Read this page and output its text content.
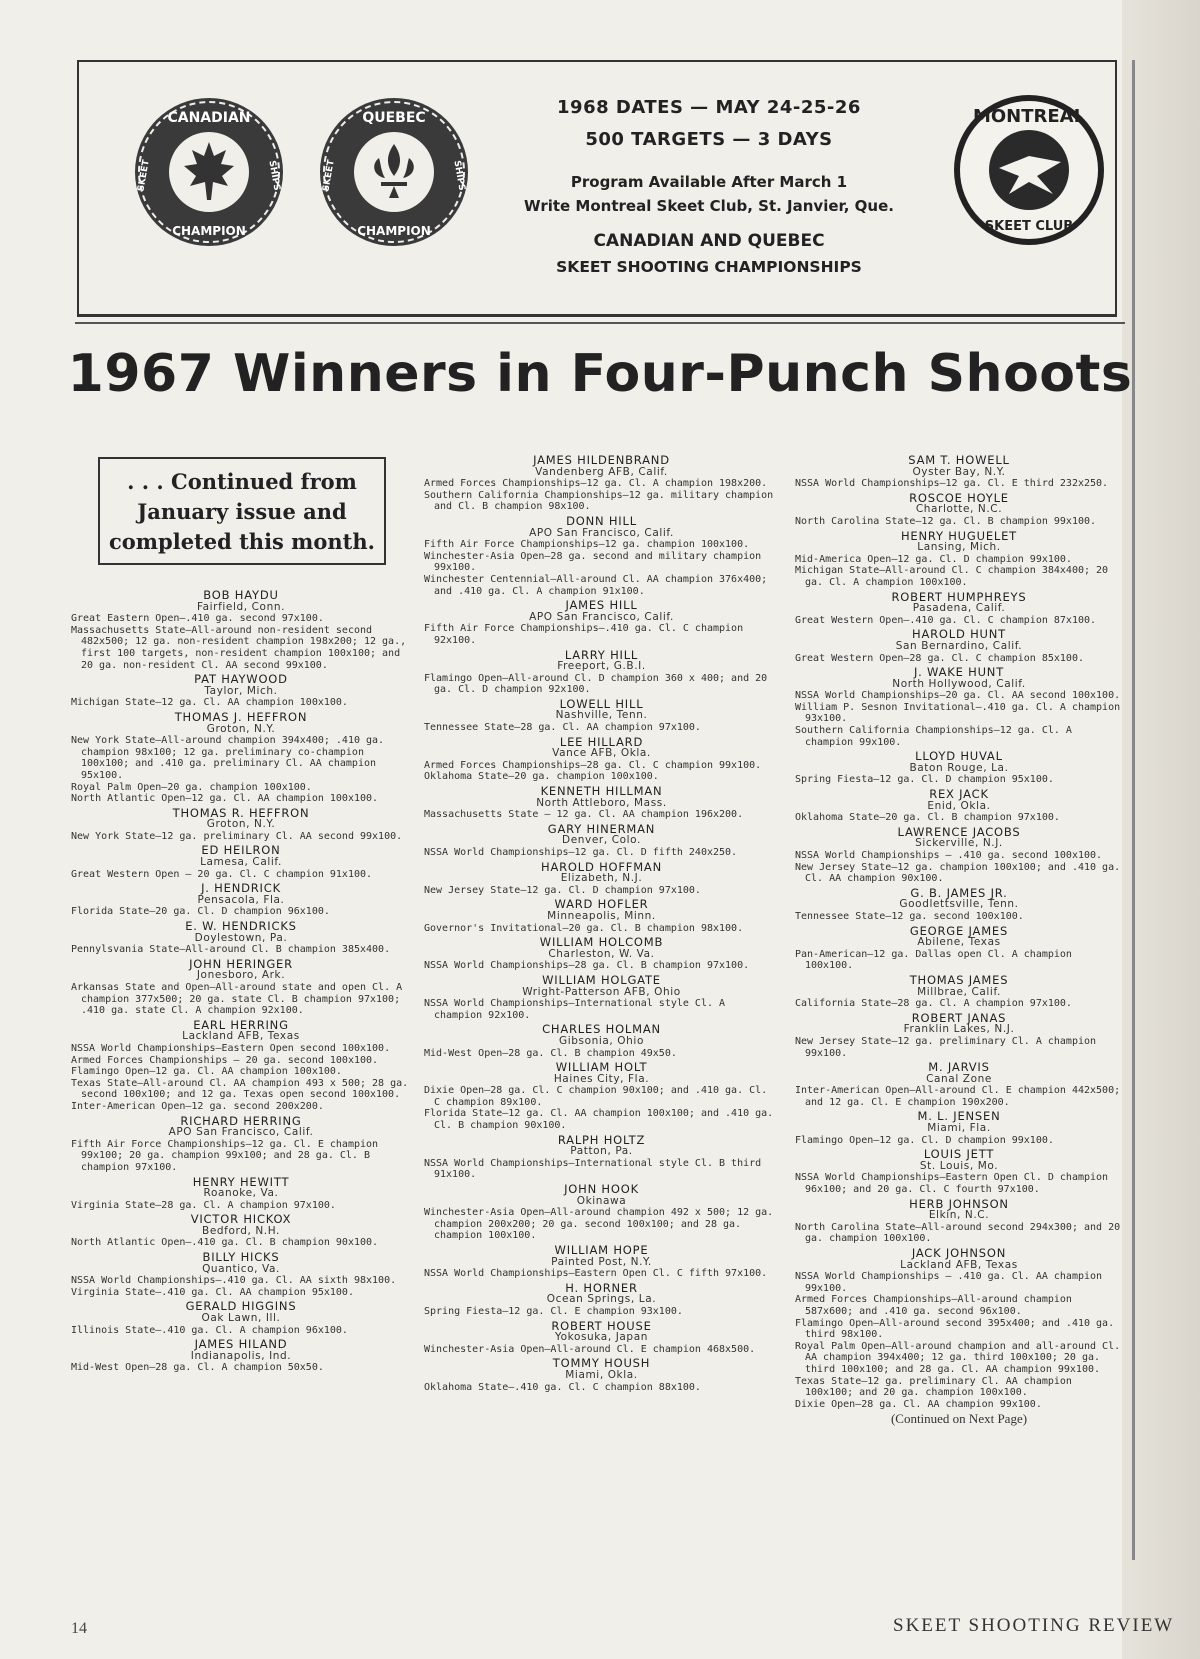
CANADIAN
CHAMPION
SKEET	SHIPS
QUEBEC
CHAMPION
SKEET	SHIPS
1968 DATES — MAY 24-25-26
500 TARGETS — 3 DAYS
Program Available After March 1
Write Montreal Skeet Club, St. Janvier, Que.
CANADIAN AND QUEBEC
SKEET SHOOTING CHAMPIONSHIPS
MONTREAL
SKEET CLUB
1967 Winners in Four-Punch Shoots
. . . Continued from January issue and completed this month.
BOB HAYDU
Fairfield, Conn.
Great Eastern Open—.410 ga. second 97x100.
Massachusetts State—All-around non-resident second 482x500; 12 ga. non-resident champion 198x200; 12 ga., first 100 targets, non-resident champion 100x100; and 20 ga. non-resident Cl. AA second 99x100.
PAT HAYWOOD
Taylor, Mich.
Michigan State—12 ga. Cl. AA champion 100x100.
THOMAS J. HEFFRON
Groton, N.Y.
New York State—All-around champion 394x400; .410 ga. champion 98x100; 12 ga. preliminary co-champion 100x100; and .410 ga. preliminary Cl. AA champion 95x100.
Royal Palm Open—20 ga. champion 100x100.
North Atlantic Open—12 ga. Cl. AA champion 100x100.
THOMAS R. HEFFRON
Groton, N.Y.
New York State—12 ga. preliminary Cl. AA second 99x100.
ED HEILRON
Lamesa, Calif.
Great Western Open — 20 ga. Cl. C champion 91x100.
J. HENDRICK
Pensacola, Fla.
Florida State—20 ga. Cl. D champion 96x100.
E. W. HENDRICKS
Doylestown, Pa.
Pennylsvania State—All-around Cl. B champion 385x400.
JOHN HERINGER
Jonesboro, Ark.
Arkansas State and Open—All-around state and open Cl. A champion 377x500; 20 ga. state Cl. B champion 97x100; .410 ga. state Cl. A champion 92x100.
EARL HERRING
Lackland AFB, Texas
NSSA World Championships—Eastern Open second 100x100.
Armed Forces Championships — 20 ga. second 100x100.
Flamingo Open—12 ga. Cl. AA champion 100x100.
Texas State—All-around Cl. AA champion 493 x 500; 28 ga. second 100x100; and 12 ga. Texas open second 100x100.
Inter-American Open—12 ga. second 200x200.
RICHARD HERRING
APO San Francisco, Calif.
Fifth Air Force Championships—12 ga. Cl. E champion 99x100; 20 ga. champion 99x100; and 28 ga. Cl. B champion 97x100.
HENRY HEWITT
Roanoke, Va.
Virginia State—28 ga. Cl. A champion 97x100.
VICTOR HICKOX
Bedford, N.H.
North Atlantic Open—.410 ga. Cl. B champion 90x100.
BILLY HICKS
Quantico, Va.
NSSA World Championships—.410 ga. Cl. AA sixth 98x100.
Virginia State—.410 ga. Cl. AA champion 95x100.
GERALD HIGGINS
Oak Lawn, Ill.
Illinois State—.410 ga. Cl. A champion 96x100.
JAMES HILAND
Indianapolis, Ind.
Mid-West Open—28 ga. Cl. A champion 50x50.
JAMES HILDENBRAND
Vandenberg AFB, Calif.
Armed Forces Championships—12 ga. Cl. A champion 198x200.
Southern California Championships—12 ga. military champion and Cl. B champion 98x100.
DONN HILL
APO San Francisco, Calif.
Fifth Air Force Championships—12 ga. champion 100x100.
Winchester-Asia Open—28 ga. second and military champion 99x100.
Winchester Centennial—All-around Cl. AA champion 376x400; and .410 ga. Cl. A champion 91x100.
JAMES HILL
APO San Francisco, Calif.
Fifth Air Force Championships—.410 ga. Cl. C champion 92x100.
LARRY HILL
Freeport, G.B.I.
Flamingo Open—All-around Cl. D champion 360 x 400; and 20 ga. Cl. D champion 92x100.
LOWELL HILL
Nashville, Tenn.
Tennessee State—28 ga. Cl. AA champion 97x100.
LEE HILLARD
Vance AFB, Okla.
Armed Forces Championships—28 ga. Cl. C champion 99x100.
Oklahoma State—20 ga. champion 100x100.
KENNETH HILLMAN
North Attleboro, Mass.
Massachusetts State — 12 ga. Cl. AA champion 196x200.
GARY HINERMAN
Denver, Colo.
NSSA World Championships—12 ga. Cl. D fifth 240x250.
HAROLD HOFFMAN
Elizabeth, N.J.
New Jersey State—12 ga. Cl. D champion 97x100.
WARD HOFLER
Minneapolis, Minn.
Governor's Invitational—20 ga. Cl. B champion 98x100.
WILLIAM HOLCOMB
Charleston, W. Va.
NSSA World Championships—28 ga. Cl. B champion 97x100.
WILLIAM HOLGATE
Wright-Patterson AFB, Ohio
NSSA World Championships—International style Cl. A champion 92x100.
CHARLES HOLMAN
Gibsonia, Ohio
Mid-West Open—28 ga. Cl. B champion 49x50.
WILLIAM HOLT
Haines City, Fla.
Dixie Open—28 ga. Cl. C champion 90x100; and .410 ga. Cl. C champion 89x100.
Florida State—12 ga. Cl. AA champion 100x100; and .410 ga. Cl. B champion 90x100.
RALPH HOLTZ
Patton, Pa.
NSSA World Championships—International style Cl. B third 91x100.
JOHN HOOK
Okinawa
Winchester-Asia Open—All-around champion 492 x 500; 12 ga. champion 200x200; 20 ga. second 100x100; and 28 ga. champion 100x100.
WILLIAM HOPE
Painted Post, N.Y.
NSSA World Championships—Eastern Open Cl. C fifth 97x100.
H. HORNER
Ocean Springs, La.
Spring Fiesta—12 ga. Cl. E champion 93x100.
ROBERT HOUSE
Yokosuka, Japan
Winchester-Asia Open—All-around Cl. E champion 468x500.
TOMMY HOUSH
Miami, Okla.
Oklahoma State—.410 ga. Cl. C champion 88x100.
SAM T. HOWELL
Oyster Bay, N.Y.
NSSA World Championships—12 ga. Cl. E third 232x250.
ROSCOE HOYLE
Charlotte, N.C.
North Carolina State—12 ga. Cl. B champion 99x100.
HENRY HUGUELET
Lansing, Mich.
Mid-America Open—12 ga. Cl. D champion 99x100.
Michigan State—All-around Cl. C champion 384x400; 20 ga. Cl. A champion 100x100.
ROBERT HUMPHREYS
Pasadena, Calif.
Great Western Open—.410 ga. Cl. C champion 87x100.
HAROLD HUNT
San Bernardino, Calif.
Great Western Open—28 ga. Cl. C champion 85x100.
J. WAKE HUNT
North Hollywood, Calif.
NSSA World Championships—20 ga. Cl. AA second 100x100.
William P. Sesnon Invitational—.410 ga. Cl. A champion 93x100.
Southern California Championships—12 ga. Cl. A champion 99x100.
LLOYD HUVAL
Baton Rouge, La.
Spring Fiesta—12 ga. Cl. D champion 95x100.
REX JACK
Enid, Okla.
Oklahoma State—20 ga. Cl. B champion 97x100.
LAWRENCE JACOBS
Sickerville, N.J.
NSSA World Championships — .410 ga. second 100x100.
New Jersey State—12 ga. champion 100x100; and .410 ga. Cl. AA champion 90x100.
G. B. JAMES JR.
Goodlettsville, Tenn.
Tennessee State—12 ga. second 100x100.
GEORGE JAMES
Abilene, Texas
Pan-American—12 ga. Dallas open Cl. A champion 100x100.
THOMAS JAMES
Millbrae, Calif.
California State—28 ga. Cl. A champion 97x100.
ROBERT JANAS
Franklin Lakes, N.J.
New Jersey State—12 ga. preliminary Cl. A champion 99x100.
M. JARVIS
Canal Zone
Inter-American Open—All-around Cl. E champion 442x500; and 12 ga. Cl. E champion 190x200.
M. L. JENSEN
Miami, Fla.
Flamingo Open—12 ga. Cl. D champion 99x100.
LOUIS JETT
St. Louis, Mo.
NSSA World Championships—Eastern Open Cl. D champion 96x100; and 20 ga. Cl. C fourth 97x100.
HERB JOHNSON
Elkin, N.C.
North Carolina State—All-around second 294x300; and 20 ga. champion 100x100.
JACK JOHNSON
Lackland AFB, Texas
NSSA World Championships — .410 ga. Cl. AA champion 99x100.
Armed Forces Championships—All-around champion 587x600; and .410 ga. second 96x100.
Flamingo Open—All-around second 395x400; and .410 ga. third 98x100.
Royal Palm Open—All-around champion and all-around Cl. AA champion 394x400; 12 ga. third 100x100; 20 ga. third 100x100; and 28 ga. Cl. AA champion 99x100.
Texas State—12 ga. preliminary Cl. AA champion 100x100; and 20 ga. champion 100x100.
Dixie Open—28 ga. Cl. AA champion 99x100.
(Continued on Next Page)
14	SKEET SHOOTING REVIEW
